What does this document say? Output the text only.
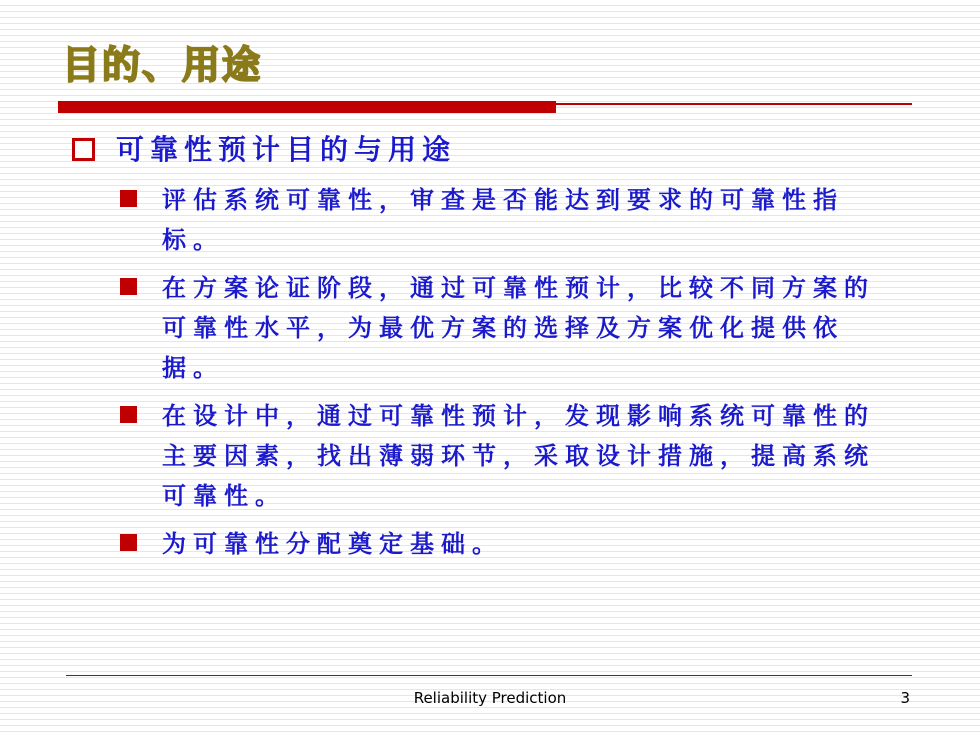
目的、用途
可靠性预计目的与用途
评估系统可靠性，审查是否能达到要求的可靠性指标。
在方案论证阶段，通过可靠性预计，比较不同方案的可靠性水平，为最优方案的选择及方案优化提供依据。
在设计中，通过可靠性预计，发现影响系统可靠性的主要因素，找出薄弱环节，采取设计措施，提高系统可靠性。
为可靠性分配奠定基础。
Reliability Prediction	3
